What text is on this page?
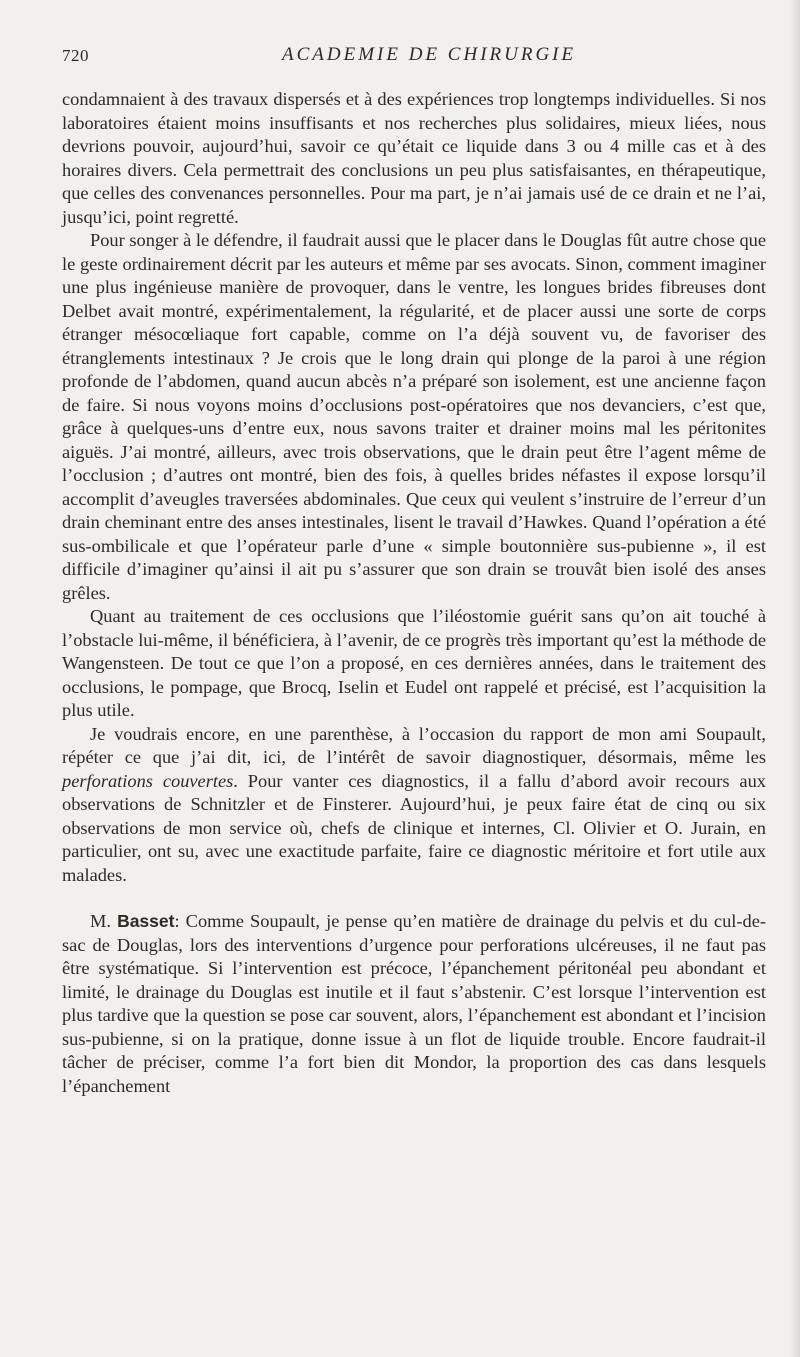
720	ACADEMIE DE CHIRURGIE

condamnaient à des travaux dispersés et à des expériences trop longtemps individuelles. Si nos laboratoires étaient moins insuffisants et nos recherches plus solidaires, mieux liées, nous devrions pouvoir, aujourd’hui, savoir ce qu’était ce liquide dans 3 ou 4 mille cas et à des horaires divers. Cela permettrait des conclusions un peu plus satisfaisantes, en thérapeutique, que celles des convenances personnelles. Pour ma part, je n’ai jamais usé de ce drain et ne l’ai, jusqu’ici, point regretté.

Pour songer à le défendre, il faudrait aussi que le placer dans le Douglas fût autre chose que le geste ordinairement décrit par les auteurs et même par ses avocats. Sinon, comment imaginer une plus ingénieuse manière de provoquer, dans le ventre, les longues brides fibreuses dont Delbet avait montré, expérimentalement, la régularité, et de placer aussi une sorte de corps étranger mésocœliaque fort capable, comme on l’a déjà souvent vu, de favoriser des étranglements intestinaux ? Je crois que le long drain qui plonge de la paroi à une région profonde de l’abdomen, quand aucun abcès n’a préparé son isolement, est une ancienne façon de faire. Si nous voyons moins d’occlusions post-opératoires que nos devanciers, c’est que, grâce à quelques-uns d’entre eux, nous savons traiter et drainer moins mal les péritonites aiguës. J’ai montré, ailleurs, avec trois observations, que le drain peut être l’agent même de l’occlusion ; d’autres ont montré, bien des fois, à quelles brides néfastes il expose lorsqu’il accomplit d’aveugles traversées abdominales. Que ceux qui veulent s’instruire de l’erreur d’un drain cheminant entre des anses intestinales, lisent le travail d’Hawkes. Quand l’opération a été sus-ombilicale et que l’opérateur parle d’une « simple boutonnière sus-pubienne », il est difficile d’imaginer qu’ainsi il ait pu s’assurer que son drain se trouvât bien isolé des anses grêles.

Quant au traitement de ces occlusions que l’iléostomie guérit sans qu’on ait touché à l’obstacle lui-même, il bénéficiera, à l’avenir, de ce progrès très important qu’est la méthode de Wangensteen. De tout ce que l’on a proposé, en ces dernières années, dans le traitement des occlusions, le pompage, que Brocq, Iselin et Eudel ont rappelé et précisé, est l’acquisition la plus utile.

Je voudrais encore, en une parenthèse, à l’occasion du rapport de mon ami Soupault, répéter ce que j’ai dit, ici, de l’intérêt de savoir diagnostiquer, désormais, même les perforations couvertes. Pour vanter ces diagnostics, il a fallu d’abord avoir recours aux observations de Schnitzler et de Finsterer. Aujourd’hui, je peux faire état de cinq ou six observations de mon service où, chefs de clinique et internes, Cl. Olivier et O. Jurain, en particulier, ont su, avec une exactitude parfaite, faire ce diagnostic méritoire et fort utile aux malades.

M. Basset: Comme Soupault, je pense qu’en matière de drainage du pelvis et du cul-de-sac de Douglas, lors des interventions d’urgence pour perforations ulcéreuses, il ne faut pas être systématique. Si l’intervention est précoce, l’épanchement péritonéal peu abondant et limité, le drainage du Douglas est inutile et il faut s’abstenir. C’est lorsque l’intervention est plus tardive que la question se pose car souvent, alors, l’épanchement est abondant et l’incision sus-pubienne, si on la pratique, donne issue à un flot de liquide trouble. Encore faudrait-il tâcher de préciser, comme l’a fort bien dit Mondor, la proportion des cas dans lesquels l’épanchement
